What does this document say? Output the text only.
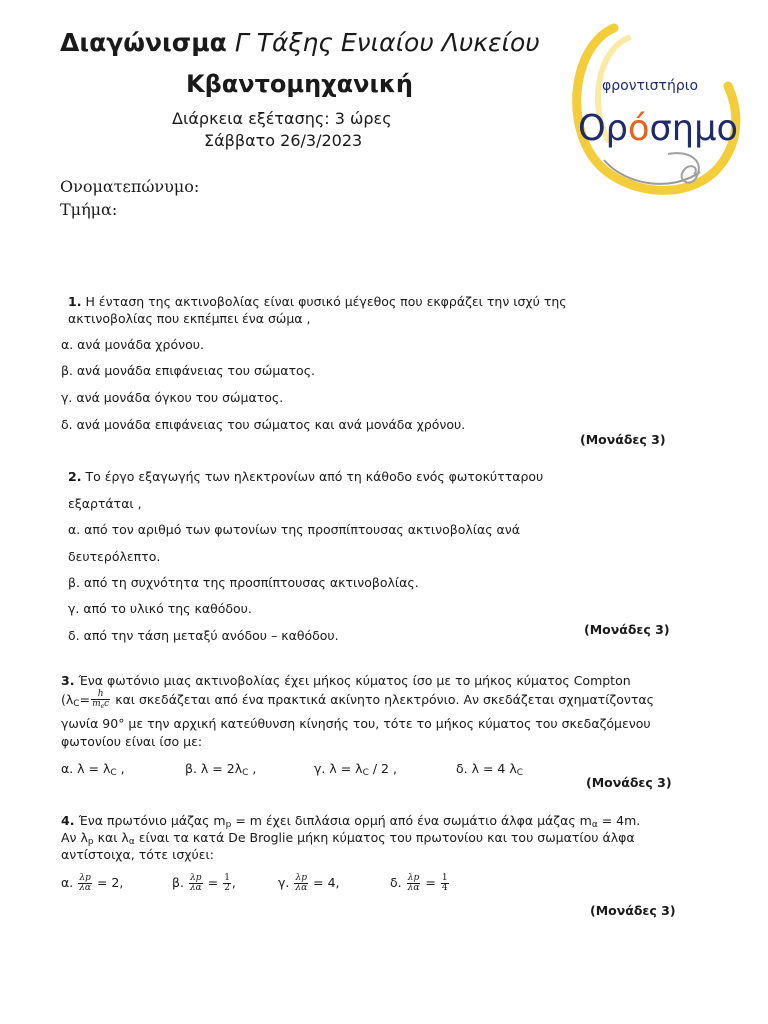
Διαγώνισμα Γ Τάξης Ενιαίου Λυκείου
Κβαντομηχανική
Διάρκεια εξέτασης: 3 ώρες
Σάββατο 26/3/2023
Ονοματεπώνυμο:
Τμήμα:
φροντιστήριο
Ορόσημο
1. Η ένταση της ακτινοβολίας είναι φυσικό μέγεθος που εκφράζει την ισχύ της
ακτινοβολίας που εκπέμπει ένα σώμα ,
α. ανά μονάδα χρόνου.
β. ανά μονάδα επιφάνειας του σώματος.
γ. ανά μονάδα όγκου του σώματος.
δ. ανά μονάδα επιφάνειας του σώματος και ανά μονάδα χρόνου.
(Μονάδες 3)
2. Το έργο εξαγωγής των ηλεκτρονίων από τη κάθοδο ενός φωτοκύτταρου
εξαρτάται ,
α. από τον αριθμό των φωτονίων της προσπίπτουσας ακτινοβολίας ανά
δευτερόλεπτο.
β. από τη συχνότητα της προσπίπτουσας ακτινοβολίας.
γ. από το υλικό της καθόδου.
δ. από την τάση μεταξύ ανόδου – καθόδου.	(Μονάδες 3)
3. Ένα φωτόνιο μιας ακτινοβολίας έχει μήκος κύματος ίσο με το μήκος κύματος Compton
($\lambda_C= \frac{h}{m_ec}$ και σκεδάζεται από ένα πρακτικά ακίνητο ηλεκτρόνιο. Αν σκεδάζεται σχηματίζοντας
γωνία 90° με την αρχική κατεύθυνση κίνησής του, τότε το μήκος κύματος του σκεδαζόμενου
φωτονίου είναι ίσο με:
α. $\lambda = \lambda_C$ ,	β. $\lambda = 2\lambda_C$ ,	γ. $\lambda = \lambda_C / 2$ ,	δ. λ = 4 $\lambda_C$
(Μονάδες 3)
4. Ένα πρωτόνιο μάζας $m_p = m$ έχει διπλάσια ορμή από ένα σωμάτιο άλφα μάζας $m_\alpha = 4m$.
Αν $\lambda_p$ και $\lambda_\alpha$ είναι τα κατά De Broglie μήκη κύματος του πρωτονίου και του σωματίου άλφα
αντίστοιχα, τότε ισχύει:
α. $\frac{\lambda p}{\lambda\alpha} = 2$,	β. $\frac{\lambda p}{\lambda\alpha} = \frac{1}{2}$ ,	γ. $\frac{\lambda p}{\lambda\alpha} = 4$,	δ. $\frac{\lambda p}{\lambda\alpha} = \frac{1}{4}$
(Μονάδες 3)
